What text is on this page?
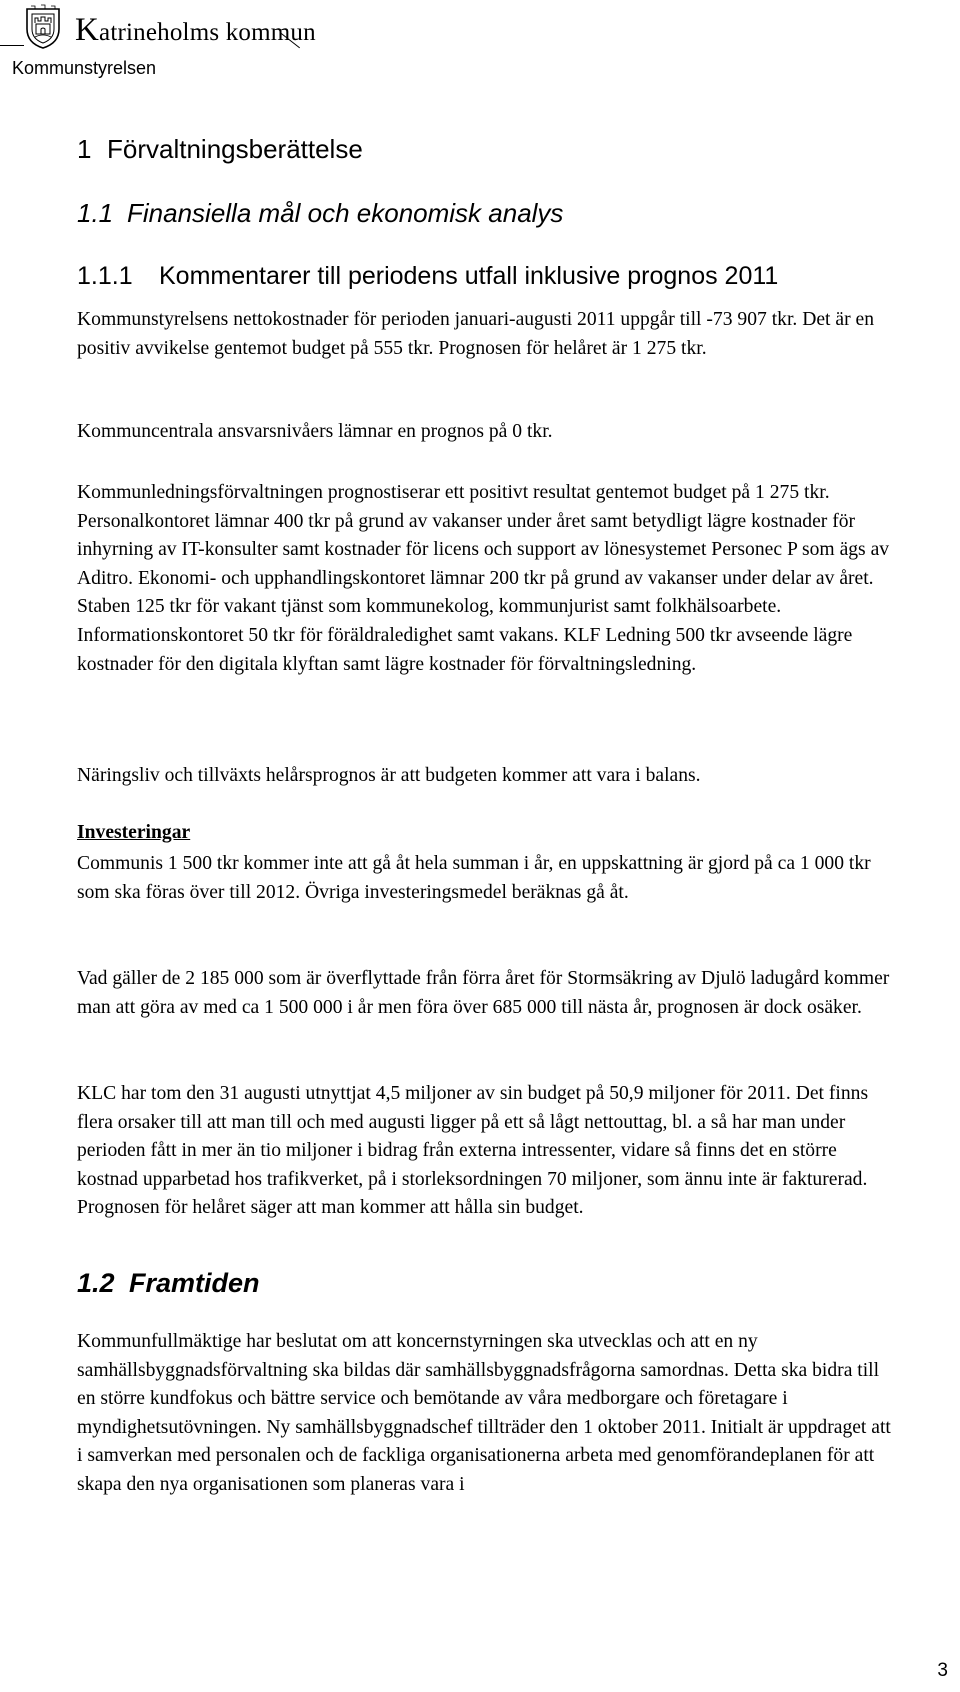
Katrineholms kommun
Kommunstyrelsen
1 Förvaltningsberättelse
1.1 Finansiella mål och ekonomisk analys
1.1.1 Kommentarer till periodens utfall inklusive prognos 2011

Kommunstyrelsens nettokostnader för perioden januari-augusti 2011 uppgår till -73 907 tkr. Det är en positiv avvikelse gentemot budget på 555 tkr. Prognosen för helåret är 1 275 tkr.

Kommuncentrala ansvarsnivåers lämnar en prognos på 0 tkr.

Kommunledningsförvaltningen prognostiserar ett positivt resultat gentemot budget på 1 275 tkr. Personalkontoret lämnar 400 tkr på grund av vakanser under året samt betydligt lägre kostnader för inhyrning av IT-konsulter samt kostnader för licens och support av lönesystemet Personec P som ägs av Aditro. Ekonomi- och upphandlingskontoret lämnar 200 tkr på grund av vakanser under delar av året. Staben 125 tkr för vakant tjänst som kommunekolog, kommunjurist samt folkhälsoarbete. Informationskontoret 50 tkr för föräldraledighet samt vakans. KLF Ledning 500 tkr avseende lägre kostnader för den digitala klyftan samt lägre kostnader för förvaltningsledning.

Näringsliv och tillväxts helårsprognos är att budgeten kommer att vara i balans.

Investeringar

Communis 1 500 tkr kommer inte att gå åt hela summan i år, en uppskattning är gjord på ca 1 000 tkr som ska föras över till 2012. Övriga investeringsmedel beräknas gå åt.

Vad gäller de 2 185 000 som är överflyttade från förra året för Stormsäkring av Djulö ladugård kommer man att göra av med ca 1 500 000 i år men föra över 685 000 till nästa år, prognosen är dock osäker.

KLC har tom den 31 augusti utnyttjat 4,5 miljoner av sin budget på 50,9 miljoner för 2011. Det finns flera orsaker till att man till och med augusti ligger på ett så lågt nettouttag, bl. a så har man under perioden fått in mer än tio miljoner i bidrag från externa intressenter, vidare så finns det en större kostnad upparbetad hos trafikverket, på i storleksordningen 70 miljoner, som ännu inte är fakturerad. Prognosen för helåret säger att man kommer att hålla sin budget.

1.2 Framtiden

Kommunfullmäktige har beslutat om att koncernstyrningen ska utvecklas och att en ny samhällsbyggnadsförvaltning ska bildas där samhällsbyggnadsfrågorna samordnas. Detta ska bidra till en större kundfokus och bättre service och bemötande av våra medborgare och företagare i myndighetsutövningen. Ny samhällsbyggnadschef tillträder den 1 oktober 2011. Initialt är uppdraget att i samverkan med personalen och de fackliga organisationerna arbeta med genomförandeplanen för att skapa den nya organisationen som planeras vara i

3
